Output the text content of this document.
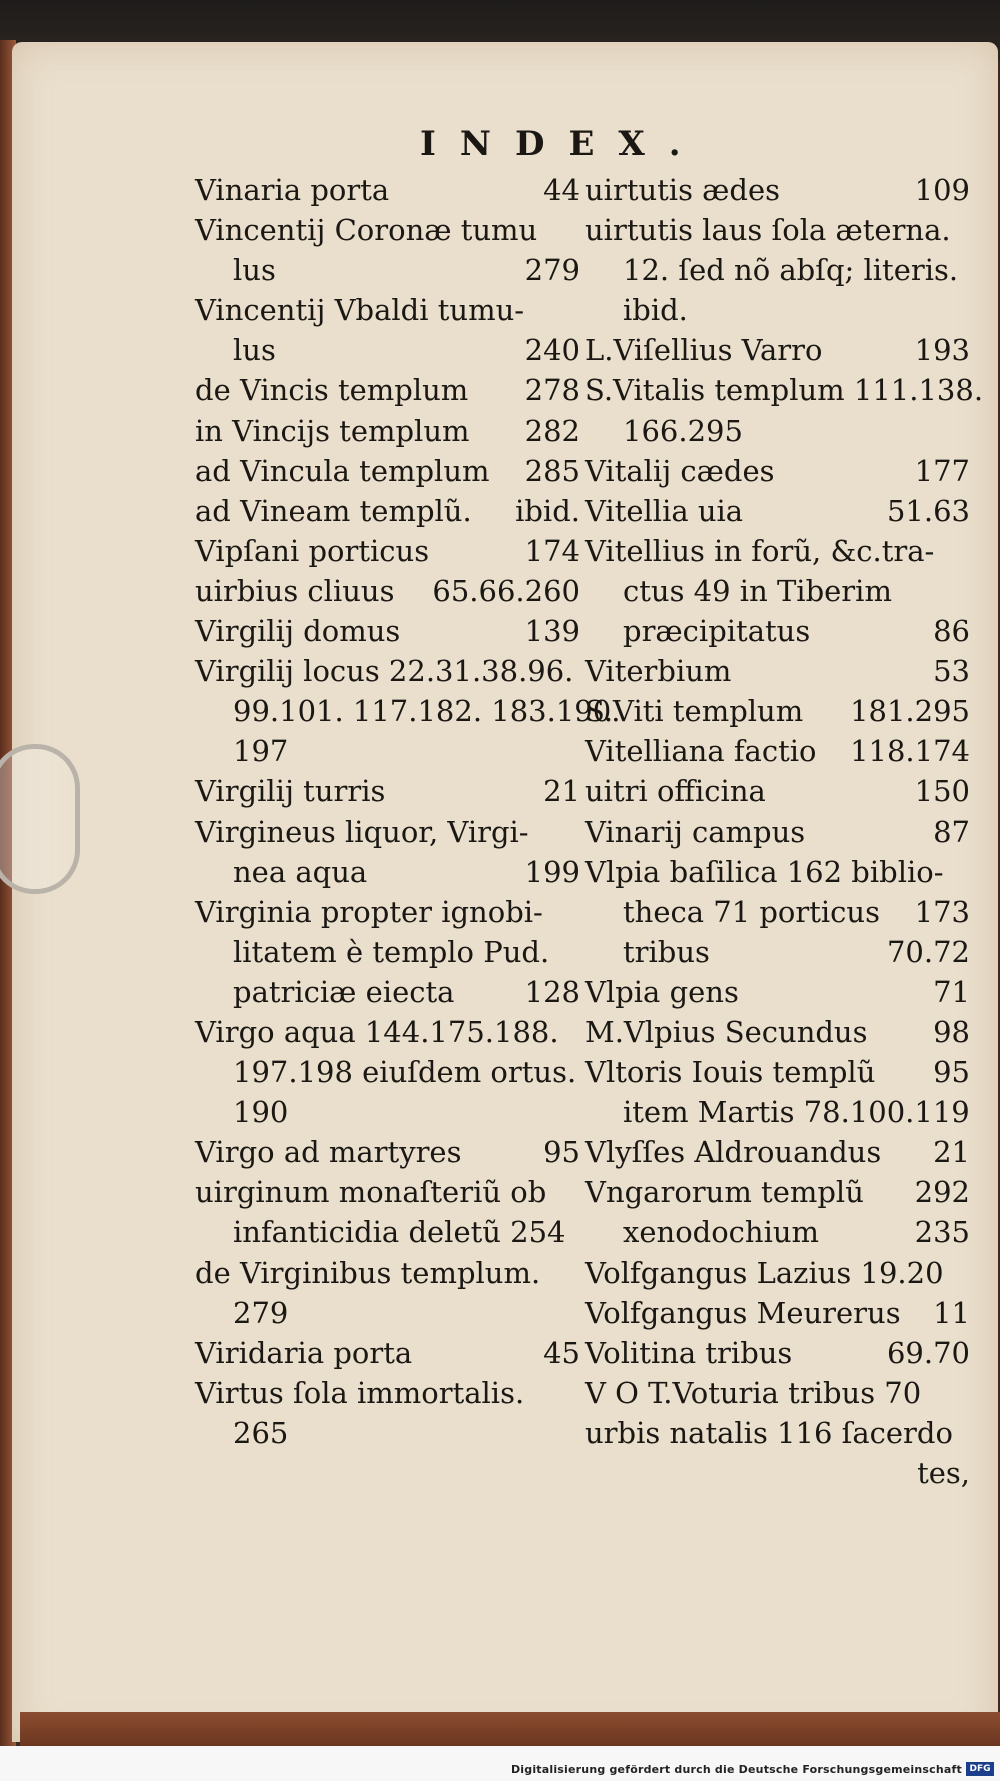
INDEX.
Vinaria porta	44
Vincentij Coronæ tumu
lus	279
Vincentij Vbaldi tumu-
lus	240
de Vincis templum 278
in Vincijs templum 282
ad Vincula templum 285
ad Vineam templũ. ibid.
Vipſani porticus	174
uirbius cliuus 65.66.260
Virgilij domus	139
Virgilij locus 22.31.38.96.
99.101. 117.182. 183.190.
197
Virgilij turris	21
Virgineus liquor, Virgi-
nea aqua	199
Virginia propter ignobi-
litatem è templo Pud.
patriciæ eiecta 128
Virgo aqua 144.175.188.
197.198 eiuſdem ortus.
190
Virgo ad martyres	95
uirginum monaſteriũ ob
infanticidia deletũ 254
de Virginibus templum.
279
Viridaria porta	45
Virtus ſola immortalis.
265
uirtutis ædes	109
uirtutis laus ſola æterna.
12. ſed nõ abſq; literis.
ibid.
L.Viſellius Varro	193
S.Vitalis templum 111.138.
166.295
Vitalij cædes	177
Vitellia uia	51.63
Vitellius in forũ, &c.tra-
ctus 49 in Tiberim
præcipitatus	86
Viterbium	53
S.Viti templum 181.295
Vitelliana factio 118.174
uitri officina	150
Vinarij campus	87
Vlpia baſilica 162 biblio-
theca 71 porticus 173
tribus	70.72
Vlpia gens	71
M.Vlpius Secundus 98
Vltoris Iouis templũ 95
item Martis 78.100.119
Vlyſſes Aldrouandus 21
Vngarorum templũ 292
xenodochium	235
Volfgangus Lazius 19.20
Volfgangus Meurerus 11
Volitina tribus	69.70
V O T.Voturia tribus 70
urbis natalis 116 ſacerdo
tes,
Digitalisierung gefördert durch die Deutsche Forschungsgemeinschaft DFG
